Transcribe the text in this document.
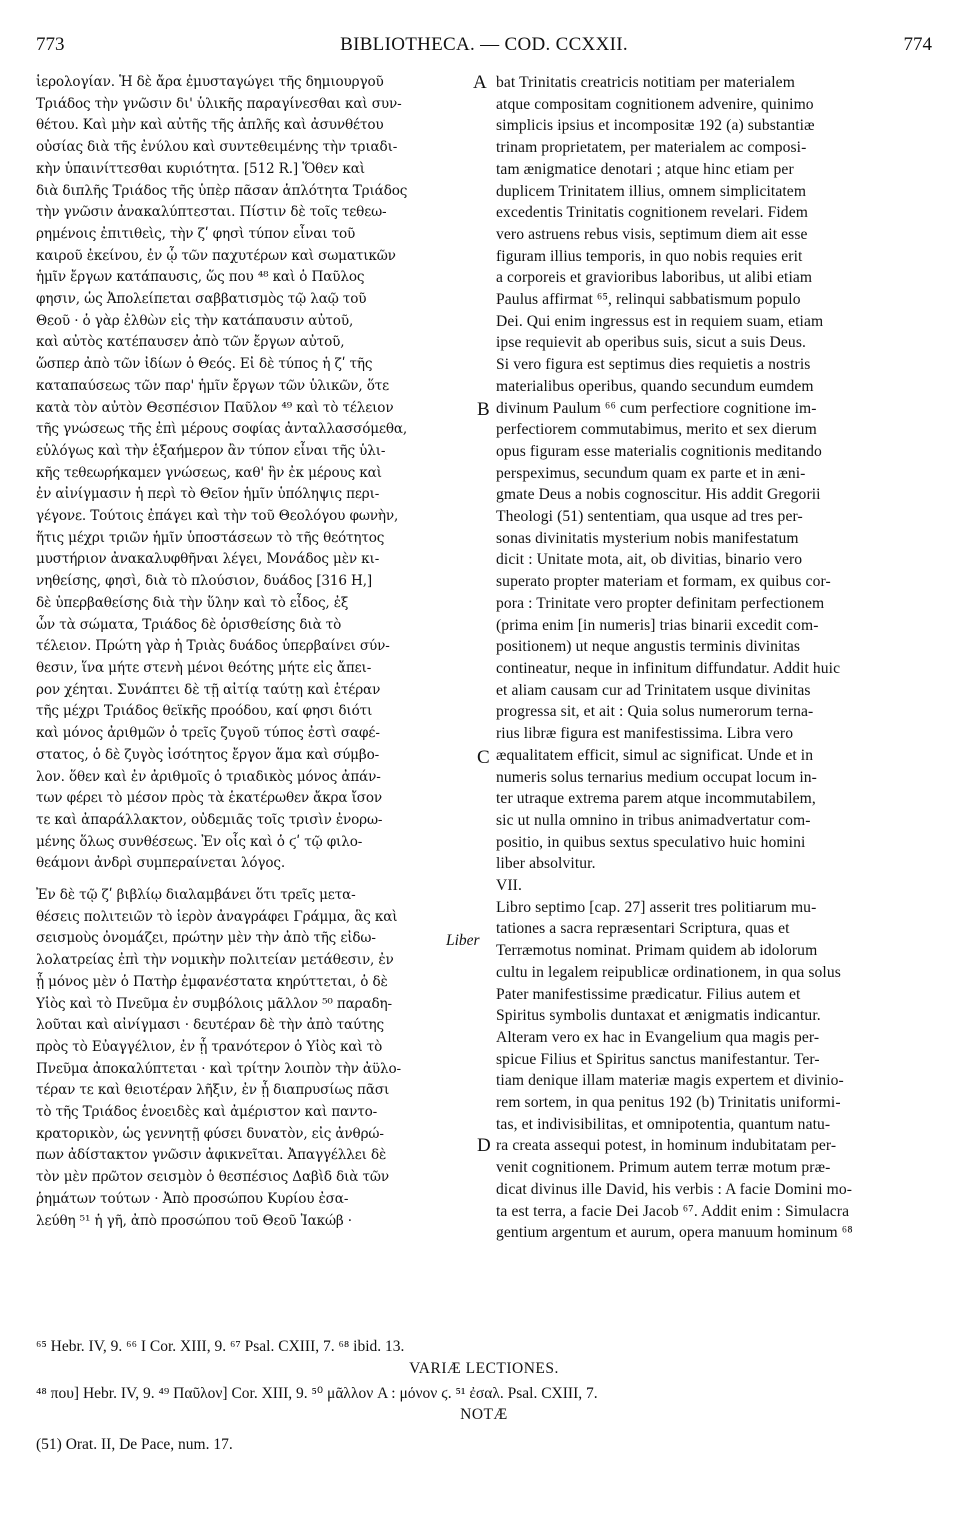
773	BIBLIOTHECA. — COD. CCXXII.	774
ἱερολογίαν. Ἡ δὲ ἄρα ἐμυσταγώγει τῆς δημιουργοῦ
Τριάδος τὴν γνῶσιν δι' ὑλικῆς παραγίνεσθαι καὶ συν-
θέτου. Καὶ μὴν καὶ αὐτῆς τῆς ἁπλῆς καὶ ἀσυνθέτου
οὐσίας διὰ τῆς ἐνύλου καὶ συντεθειμένης τὴν τριαδι-
κὴν ὑπαινίττεσθαι κυριότητα. [512 R.] Ὅθεν καὶ
διὰ διπλῆς Τριάδος τῆς ὑπὲρ πᾶσαν ἁπλότητα Τριάδος
τὴν γνῶσιν ἀνακαλύπτεσται. Πίστιν δὲ τοῖς τεθεω-
ρημένοις ἐπιτιθεὶς, τὴν ζʹ φησὶ τύπον εἶναι τοῦ
καιροῦ ἐκείνου, ἐν ᾧ τῶν παχυτέρων καὶ σωματικῶν
ἡμῖν ἔργων κατάπαυσις, ὥς που ⁴⁸ καὶ ὁ Παῦλος
φησιν, ὡς Ἀπολείπεται σαββατισμὸς τῷ λαῷ τοῦ
Θεοῦ · ὁ γὰρ ἐλθὼν εἰς τὴν κατάπαυσιν αὐτοῦ,
καὶ αὐτὸς κατέπαυσεν ἀπὸ τῶν ἔργων αὐτοῦ,
ὥσπερ ἀπὸ τῶν ἰδίων ὁ Θεός. Εἰ δὲ τύπος ἡ ζʹ τῆς
καταπαύσεως τῶν παρ' ἡμῖν ἔργων τῶν ὑλικῶν, ὅτε
κατὰ τὸν αὐτὸν Θεσπέσιον Παῦλον ⁴⁹ καὶ τὸ τέλειον
τῆς γνώσεως τῆς ἐπὶ μέρους σοφίας ἀνταλλασσόμεθα,
εὐλόγως καὶ τὴν ἑξαήμερον ἂν τύπον εἶναι τῆς ὑλι-
κῆς τεθεωρήκαμεν γνώσεως, καθ' ἣν ἐκ μέρους καὶ
ἐν αἰνίγμασιν ἡ περὶ τὸ Θεῖον ἡμῖν ὑπόληψις περι-
γέγονε. Τούτοις ἐπάγει καὶ τὴν τοῦ Θεολόγου φωνὴν,
ἥτις μέχρι τριῶν ἡμῖν ὑποστάσεων τὸ τῆς θεότητος
μυστήριον ἀνακαλυφθῆναι λέγει, Μονάδος μὲν κι-
νηθείσης, φησὶ, διὰ τὸ πλούσιον, δυάδος [316 H,]
δὲ ὑπερβαθείσης διὰ τὴν ὕλην καὶ τὸ εἶδος, ἐξ
ὧν τὰ σώματα, Τριάδος δὲ ὁρισθείσης διὰ τὸ
τέλειον. Πρώτη γὰρ ἡ Τριὰς δυάδος ὑπερβαίνει σύν-
θεσιν, ἵνα μήτε στενὴ μένοι θεότης μήτε εἰς ἄπει-
ρον χέηται. Συνάπτει δὲ τῇ αἰτίᾳ ταύτῃ καὶ ἑτέραν
τῆς μέχρι Τριάδος θεϊκῆς προόδου, καί φησι διότι
καὶ μόνος ἀριθμῶν ὁ τρεῖς ζυγοῦ τύπος ἐστὶ σαφέ-
στατος, ὁ δὲ ζυγὸς ἰσότητος ἔργον ἅμα καὶ σύμβο-
λον. ὅθεν καὶ ἐν ἀριθμοῖς ὁ τριαδικὸς μόνος ἀπάν-
των φέρει τὸ μέσον πρὸς τὰ ἑκατέρωθεν ἄκρα ἴσον
τε καὶ ἀπαράλλακτον, οὐδεμιᾶς τοῖς τρισὶν ἐνορω-
μένης ὅλως συνθέσεως. Ἐν οἷς καὶ ὁ ϛʹ τῷ φιλο-
θεάμονι ἀνδρὶ συμπεραίνεται λόγος.
Ἐν δὲ τῷ ζʹ βιβλίῳ διαλαμβάνει ὅτι τρεῖς μετα-
θέσεις πολιτειῶν τὸ ἱερὸν ἀναγράφει Γράμμα, ἃς καὶ
σεισμοὺς ὀνομάζει, πρώτην μὲν τὴν ἀπὸ τῆς εἰδω-
λολατρείας ἐπὶ τὴν νομικὴν πολιτείαν μετάθεσιν, ἐν
ᾗ μόνος μὲν ὁ Πατὴρ ἐμφανέστατα κηρύττεται, ὁ δὲ
Υἱὸς καὶ τὸ Πνεῦμα ἐν συμβόλοις μᾶλλον ⁵⁰ παραδη-
λοῦται καὶ αἰνίγμασι · δευτέραν δὲ τὴν ἀπὸ ταύτης
πρὸς τὸ Εὐαγγέλιον, ἐν ᾗ τρανότερον ὁ Υἱὸς καὶ τὸ
Πνεῦμα ἀποκαλύπτεται · καὶ τρίτην λοιπὸν τὴν ἀϋλο-
τέραν τε καὶ θειοτέραν λῆξιν, ἐν ᾗ διαπρυσίως πᾶσι
τὸ τῆς Τριάδος ἑνοειδὲς καὶ ἀμέριστον καὶ παντο-
κρατορικὸν, ὡς γεννητῇ φύσει δυνατὸν, εἰς ἀνθρώ-
πων ἀδίστακτον γνῶσιν ἀφικνεῖται. Ἀπαγγέλλει δὲ
τὸν μὲν πρῶτον σεισμὸν ὁ θεσπέσιος Δαβὶδ διὰ τῶν
ῥημάτων τούτων · Ἀπὸ προσώπου Κυρίου ἐσα-
λεύθη ⁵¹ ἡ γῆ, ἀπὸ προσώπου τοῦ Θεοῦ Ἰακώβ ·
bat Trinitatis creatricis notitiam per materialem
atque compositam cognitionem advenire, quinimo
simplicis ipsius et incompositæ 192 (a) substantiæ
trinam proprietatem, per materialem ac composi-
tam ænigmatice denotari ; atque hinc etiam per
duplicem Trinitatem illius, omnem simplicitatem
excedentis Trinitatis cognitionem revelari. Fidem
vero astruens rebus visis, septimum diem ait esse
figuram illius temporis, in quo nobis requies erit
a corporeis et gravioribus laboribus, ut alibi etiam
Paulus affirmat ⁶⁵, relinqui sabbatismum populo
Dei. Qui enim ingressus est in requiem suam, etiam
ipse requievit ab operibus suis, sicut a suis Deus.
Si vero figura est septimus dies requietis a nostris
materialibus operibus, quando secundum eumdem
divinum Paulum ⁶⁶ cum perfectiore cognitione im-
perfectiorem commutabimus, merito et sex dierum
opus figuram esse materialis cognitionis meditando
perspeximus, secundum quam ex parte et in æni-
gmate Deus a nobis cognoscitur. His addit Gregorii
Theologi (51) sententiam, qua usque ad tres per-
sonas divinitatis mysterium nobis manifestatum
dicit : Unitate mota, ait, ob divitias, binario vero
superato propter materiam et formam, ex quibus cor-
pora : Trinitate vero propter definitam perfectionem
(prima enim [in numeris] trias binarii excedit com-
positionem) ut neque angustis terminis divinitas
contineatur, neque in infinitum diffundatur. Addit huic
et aliam causam cur ad Trinitatem usque divinitas
progressa sit, et ait : Quia solus numerorum terna-
rius libræ figura est manifestissima. Libra vero
æqualitatem efficit, simul ac significat. Unde et in
numeris solus ternarius medium occupat locum in-
ter utraque extrema parem atque incommutabilem,
sic ut nulla omnino in tribus animadvertatur com-
positio, in quibus sextus speculativo huic homini
liber absolvitur.
VII.
Libro septimo [cap. 27] asserit tres politiarum mu-
tationes a sacra repræsentari Scriptura, quas et
Terræmotus nominat. Primam quidem ab idolorum
cultu in legalem reipublicæ ordinationem, in qua solus
Pater manifestissime prædicatur. Filius autem et
Spiritus symbolis duntaxat et ænigmatis indicantur.
Alteram vero ex hac in Evangelium qua magis per-
spicue Filius et Spiritus sanctus manifestantur. Ter-
tiam denique illam materiæ magis expertem et divinio-
rem sortem, in qua penitus 192 (b) Trinitatis uniformi-
tas, et indivisibilitas, et omnipotentia, quantum natu-
ra creata assequi potest, in hominum indubitatam per-
venit cognitionem. Primum autem terræ motum præ-
dicat divinus ille David, his verbis : A facie Domini mo-
ta est terra, a facie Dei Jacob ⁶⁷. Addit enim : Simulacra
gentium argentum et aurum, opera manuum hominum ⁶⁸
A
B
C
D
Liber
⁶⁵ Hebr. IV, 9. ⁶⁶ I Cor. XIII, 9. ⁶⁷ Psal. CXIII, 7. ⁶⁸ ibid. 13.
VARIÆ LECTIONES.
⁴⁸ που] Hebr. IV, 9. ⁴⁹ Παῦλον] Cor. XIII, 9. ⁵⁰ μᾶλλον A : μόνον ϛ. ⁵¹ ἐσαλ. Psal. CXIII, 7.
NOTÆ
(51) Orat. II, De Pace, num. 17.
